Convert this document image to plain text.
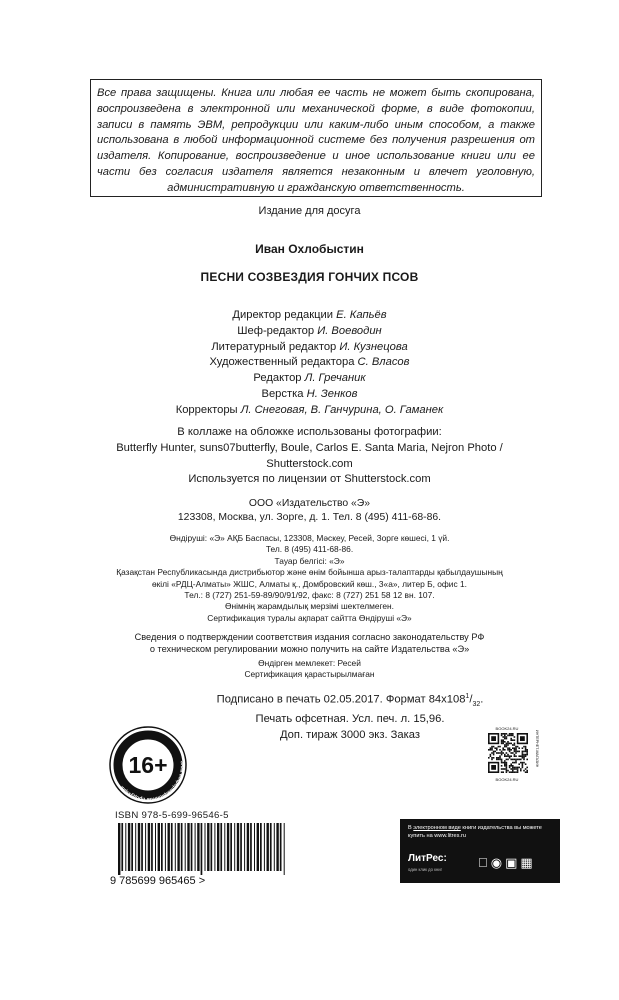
Все права защищены. Книга или любая ее часть не может быть скопирована, воспроизведена в электронной или механической форме, в виде фотокопии, записи в память ЭВМ, репродукции или каким-либо иным способом, а также использована в любой информационной системе без получения разрешения от издателя. Копирование, воспроизведение и иное использование книги или ее части без согласия издателя является незаконным и влечет уголовную, административную и гражданскую ответственность.
Издание для досуга
Иван Охлобыстин
ПЕСНИ СОЗВЕЗДИЯ ГОНЧИХ ПСОВ
Директор редакции Е. Капьёв
Шеф-редактор И. Воеводин
Литературный редактор И. Кузнецова
Художественный редактора С. Власов
Редактор Л. Гречаник
Верстка Н. Зенков
Корректоры Л. Снеговая, В. Ганчурина, О. Гаманек
В коллаже на обложке использованы фотографии:
Butterfly Hunter, suns07butterfly, Boule, Carlos E. Santa Maria, Nejron Photo /
Shutterstock.com
Используется по лицензии от Shutterstock.com
ООО «Издательство «Э»
123308, Москва, ул. Зорге, д. 1. Тел. 8 (495) 411-68-86.
Өндіруші: «Э» АҚБ Баспасы, 123308, Мәскеу, Ресей, Зорге көшесі, 1 үй.
Тел. 8 (495) 411-68-86.
Тауар белгісі: «Э»
Қазақстан Республикасында дистрибьютор және өнім бойынша арыз-талаптарды қабылдаушының
өкілі «РДЦ-Алматы» ЖШС, Алматы қ., Домбровский көш., 3«а», литер Б, офис 1.
Тел.: 8 (727) 251-59-89/90/91/92, факс: 8 (727) 251 58 12 вн. 107.
Өнімнің жарамдылық мерзімі шектелмеген.
Сертификация туралы ақпарат сайтта Өндіруші «Э»
Сведения о подтверждении соответствия издания согласно законодательству РФ
о техническом регулировании можно получить на сайте Издательства «Э»
Өндірген мемлекет: Ресей
Сертификация қарастырылмаған
Подписано в печать 02.05.2017. Формат $84x108^1/_{32}$.
Печать офсетная. Усл. печ. л. 15,96.
Доп. тираж 3000 экз. Заказ
Знак информационной продукции
16+
ISBN 978-5-699-96546-5
9 785699 965465 >
BOOK24.RU
BOOK24.RU
ИНТЕРНЕТ-МАГАЗИН
В электронном виде книги издательства вы можете купить на www.litres.ru
ЛитРес:
один клик до книг	◉▣▦
